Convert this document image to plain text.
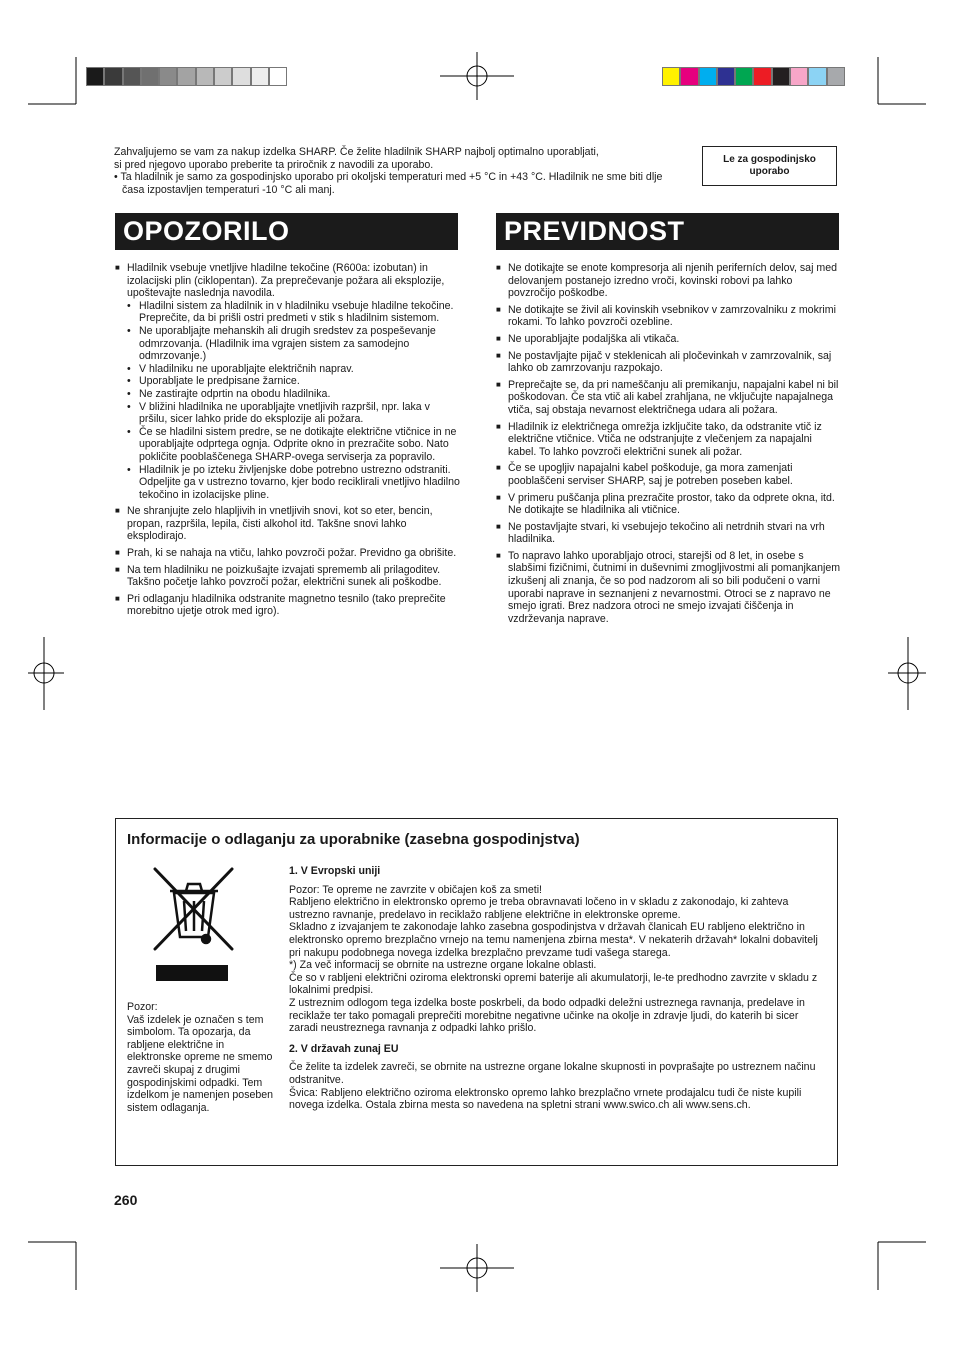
Zahvaljujemo se vam za nakup izdelka SHARP. Če želite hladilnik SHARP najbolj optimalno uporabljati,

si pred njegovo uporabo preberite ta priročnik z navodili za uporabo.

• Ta hladilnik je samo za gospodinjsko uporabo pri okoljski temperaturi med +5 °C in +43 °C. Hladilnik ne sme biti dlje časa izpostavljen temperaturi -10 °C ali manj.

Le za gospodinjsko uporabo
OPOZORILO	PREVIDNOST
■ Hladilnik vsebuje vnetljive hladilne tekočine (R600a: izobutan) in izolacijski plin (ciklopentan). Za preprečevanje požara ali eksplozije, upoštevajte naslednja navodila.
• Hladilni sistem za hladilnik in v hladilniku vsebuje hladilne tekočine. Preprečite, da bi prišli ostri predmeti v stik s hladilnim sistemom.
• Ne uporabljajte mehanskih ali drugih sredstev za pospeševanje odmrzovanja. (Hladilnik ima vgrajen sistem za samodejno odmrzovanje.)
• V hladilniku ne uporabljajte električnih naprav.
• Uporabljate le predpisane žarnice.
• Ne zastirajte odprtin na obodu hladilnika.
• V bližini hladilnika ne uporabljajte vnetljivih razpršil, npr. laka v pršilu, sicer lahko pride do eksplozije ali požara.
• Če se hladilni sistem predre, se ne dotikajte električne vtičnice in ne uporabljajte odprtega ognja. Odprite okno in prezračite sobo. Nato pokličite pooblaščenega SHARP-ovega serviserja za popravilo.
• Hladilnik je po izteku življenjske dobe potrebno ustrezno odstraniti. Odpeljite ga v ustrezno tovarno, kjer bodo reciklirali vnetljivo hladilno tekočino in izolacijske pline.
■ Ne shranjujte zelo hlapljivih in vnetljivih snovi, kot so eter, bencin, propan, razpršila, lepila, čisti alkohol itd. Takšne snovi lahko eksplodirajo.
■ Prah, ki se nahaja na vtiču, lahko povzroči požar. Previdno ga obrišite.
■ Na tem hladilniku ne poizkušajte izvajati sprememb ali prilagoditev. Takšno početje lahko povzroči požar, električni sunek ali poškodbe.
■ Pri odlaganju hladilnika odstranite magnetno tesnilo (tako preprečite morebitno ujetje otrok med igro).
■ Ne dotikajte se enote kompresorja ali njenih periferních delov, saj med delovanjem postanejo izredno vroči, kovinski robovi pa lahko povzročijo poškodbe.
■ Ne dotikajte se živil ali kovinskih vsebnikov v zamrzovalniku z mokrimi rokami. To lahko povzroči ozebline.
■ Ne uporabljajte podaljška ali vtikača.
■ Ne postavljajte pijač v steklenicah ali pločevinkah v zamrzovalnik, saj lahko ob zamrzovanju razpokajo.
■ Preprečajte se, da pri nameščanju ali premikanju, napajalni kabel ni bil poškodovan. Če sta vtič ali kabel zrahljana, ne vključujte napajalnega vtiča, saj obstaja nevarnost električnega udara ali požara.
■ Hladilnik iz električnega omrežja izključite tako, da odstranite vtič iz električne vtičnice. Vtiča ne odstranjujte z vlečenjem za napajalni kabel. To lahko povzroči električni sunek ali požar.
■ Če se upogljiv napajalni kabel poškoduje, ga mora zamenjati pooblaščeni serviser SHARP, saj je potreben poseben kabel.
■ V primeru puščanja plina prezračite prostor, tako da odprete okna, itd. Ne dotikajte se hladilnika ali vtičnice.
■ Ne postavljajte stvari, ki vsebujejo tekočino ali netrdnih stvari na vrh hladilnika.
■ To napravo lahko uporabljajo otroci, starejši od 8 let, in osebe s slabšimi fizičnimi, čutnimi in duševnimi zmogljivostmi ali pomanjkanjem izkušenj ali znanja, če so pod nadzorom ali so bili podučeni o varni uporabi naprave in seznanjeni z nevarnostmi. Otroci se z napravo ne smejo igrati. Brez nadzora otroci ne smejo izvajati čiščenja in vzdrževanja naprave.
Informacije o odlaganju za uporabnike (zasebna gospodinjstva)
Pozor:
Vaš izdelek je označen s tem simbolom. Ta opozarja, da rabljene električne in elektronske opreme ne smemo zavreči skupaj z drugimi gospodinjskimi odpadki. Tem izdelkom je namenjen poseben sistem odlaganja.

1. V Evropski uniji

Pozor: Te opreme ne zavrzite v običajen koš za smeti!

Rabljeno električno in elektronsko opremo je treba obravnavati ločeno in v skladu z zakonodajo, ki zahteva ustrezno ravnanje, predelavo in reciklažo rabljene električne in elektronske opreme.

Skladno z izvajanjem te zakonodaje lahko zasebna gospodinjstva v državah članicah EU rabljeno električno in elektronsko opremo brezplačno vrnejo na temu namenjena zbirna mesta*. V nekaterih državah* lokalni dobavitelj pri nakupu podobnega novega izdelka brezplačno prevzame tudi vašega starega.

*) Za več informacij se obrnite na ustrezne organe lokalne oblasti.

Če so v rabljeni električni oziroma elektronski opremi baterije ali akumulatorji, le-te predhodno zavrzite v skladu z lokalnimi predpisi.

Z ustreznim odlogom tega izdelka boste poskrbeli, da bodo odpadki deležni ustreznega ravnanja, predelave in reciklaže ter tako pomagali preprečiti morebitne negativne učinke na okolje in zdravje ljudi, do katerih bi sicer zaradi neustreznega ravnanja z odpadki lahko prišlo.

2. V državah zunaj EU

Če želite ta izdelek zavreči, se obrnite na ustrezne organe lokalne skupnosti in povprašajte po ustreznem načinu odstranitve.

Švica: Rabljeno električno oziroma elektronsko opremo lahko brezplačno vrnete prodajalcu tudi če niste kupili novega izdelka. Ostala zbirna mesta so navedena na spletni strani www.swico.ch ali www.sens.ch.

260
